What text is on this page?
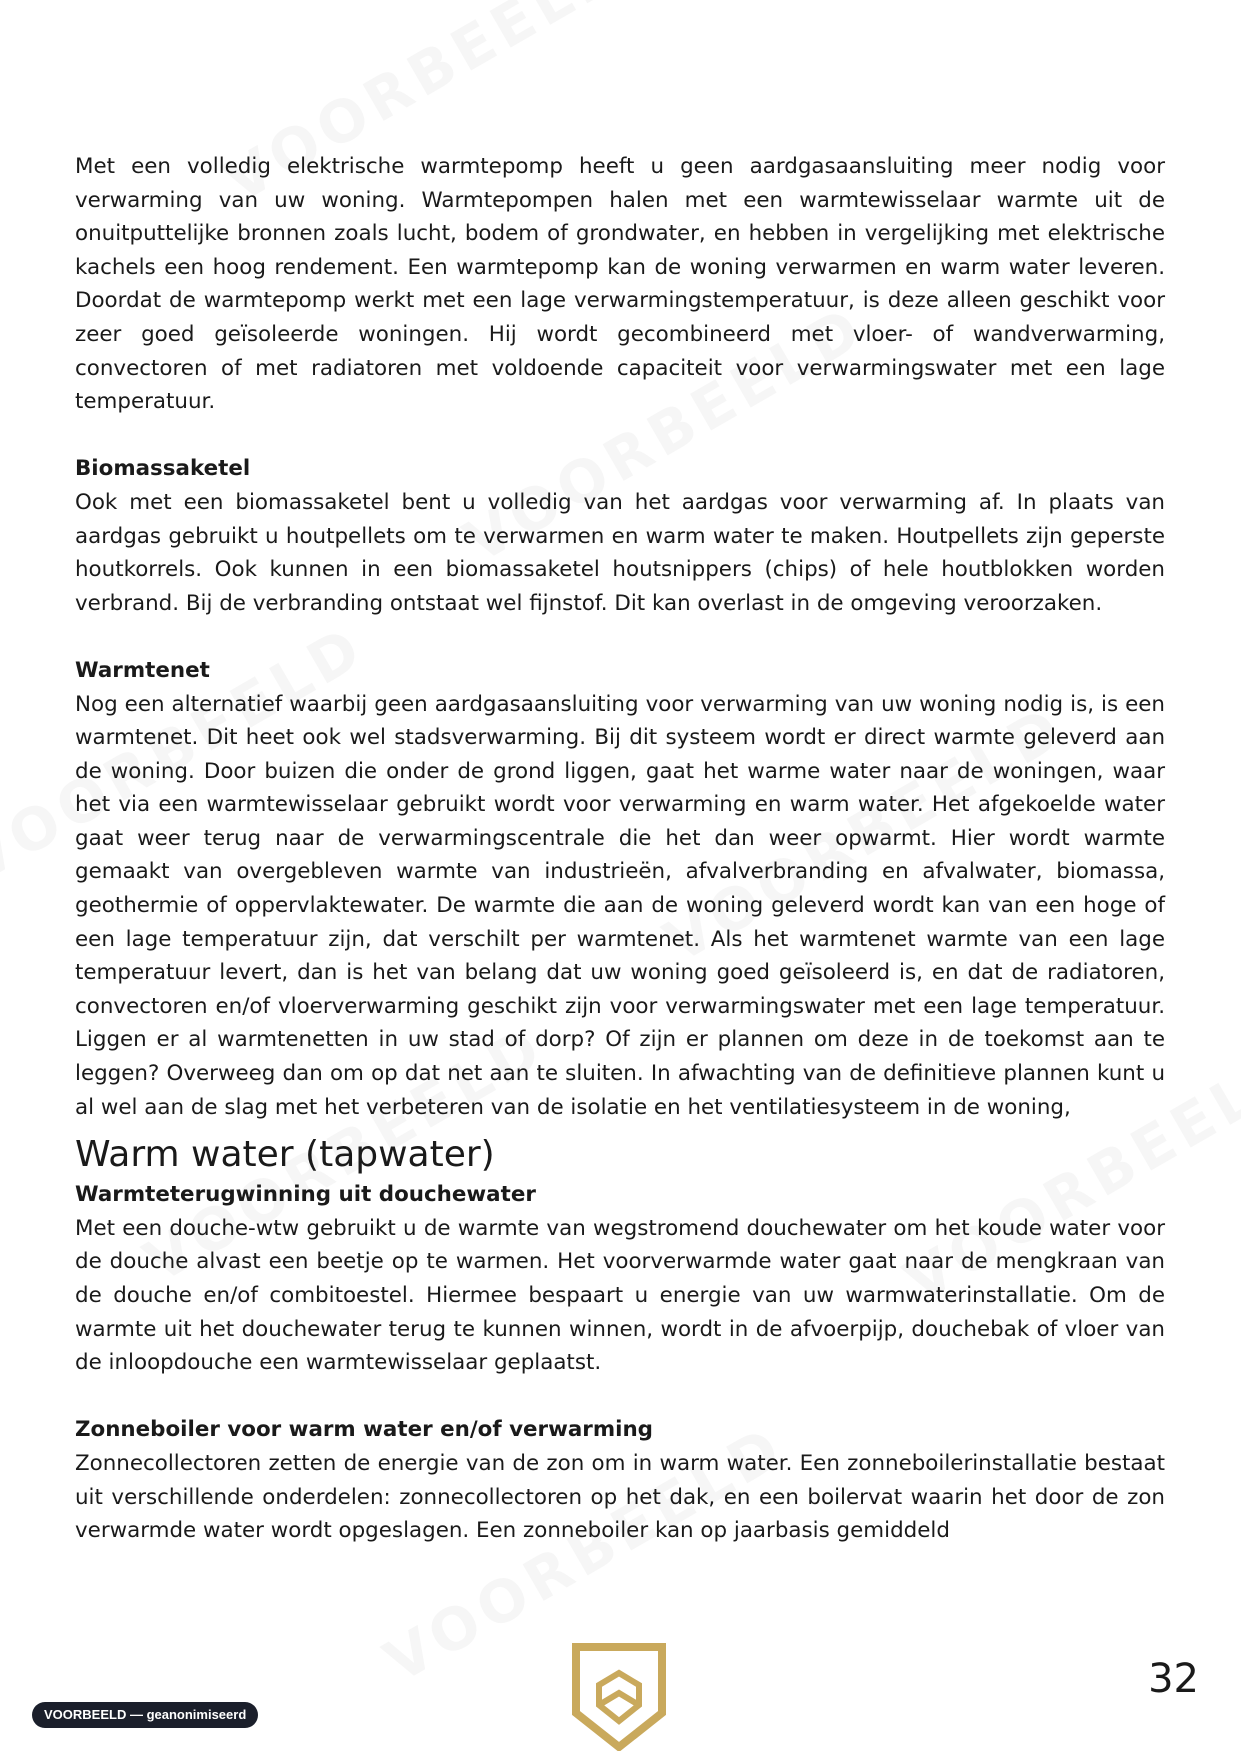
Met een volledig elektrische warmtepomp heeft u geen aardgasaansluiting meer nodig voor verwarming van uw woning. Warmtepompen halen met een warmtewisselaar warmte uit de onuitputtelijke bronnen zoals lucht, bodem of grondwater, en hebben in vergelijking met elektrische kachels een hoog rendement. Een warmtepomp kan de woning verwarmen en warm water leveren. Doordat de warmtepomp werkt met een lage verwarmingstemperatuur, is deze alleen geschikt voor zeer goed geïsoleerde woningen. Hij wordt gecombineerd met vloer- of wandverwarming, convectoren of met radiatoren met voldoende capaciteit voor verwarmingswater met een lage temperatuur.

Biomassaketel

Ook met een biomassaketel bent u volledig van het aardgas voor verwarming af. In plaats van aardgas gebruikt u houtpellets om te verwarmen en warm water te maken. Houtpellets zijn geperste houtkorrels. Ook kunnen in een biomassaketel houtsnippers (chips) of hele houtblokken worden verbrand. Bij de verbranding ontstaat wel fijnstof. Dit kan overlast in de omgeving veroorzaken.

Warmtenet

Nog een alternatief waarbij geen aardgasaansluiting voor verwarming van uw woning nodig is, is een warmtenet. Dit heet ook wel stadsverwarming. Bij dit systeem wordt er direct warmte geleverd aan de woning. Door buizen die onder de grond liggen, gaat het warme water naar de woningen, waar het via een warmtewisselaar gebruikt wordt voor verwarming en warm water. Het afgekoelde water gaat weer terug naar de verwarmingscentrale die het dan weer opwarmt. Hier wordt warmte gemaakt van overgebleven warmte van industrieën, afvalverbranding en afvalwater, biomassa, geothermie of oppervlaktewater. De warmte die aan de woning geleverd wordt kan van een hoge of een lage temperatuur zijn, dat verschilt per warmtenet. Als het warmtenet warmte van een lage temperatuur levert, dan is het van belang dat uw woning goed geïsoleerd is, en dat de radiatoren, convectoren en/of vloerverwarming geschikt zijn voor verwarmingswater met een lage temperatuur. Liggen er al warmtenetten in uw stad of dorp? Of zijn er plannen om deze in de toekomst aan te leggen? Overweeg dan om op dat net aan te sluiten. In afwachting van de definitieve plannen kunt u al wel aan de slag met het verbeteren van de isolatie en het ventilatiesysteem in de woning,

Warm water (tapwater)
Warmteterugwinning uit douchewater

Met een douche-wtw gebruikt u de warmte van wegstromend douchewater om het koude water voor de douche alvast een beetje op te warmen. Het voorverwarmde water gaat naar de mengkraan van de douche en/of combitoestel. Hiermee bespaart u energie van uw warmwaterinstallatie. Om de warmte uit het douchewater terug te kunnen winnen, wordt in de afvoerpijp, douchebak of vloer van de inloopdouche een warmtewisselaar geplaatst.

Zonneboiler voor warm water en/of verwarming

Zonnecollectoren zetten de energie van de zon om in warm water. Een zonneboilerinstallatie bestaat uit verschillende onderdelen: zonnecollectoren op het dak, en een boilervat waarin het door de zon verwarmde water wordt opgeslagen. Een zonneboiler kan op jaarbasis gemiddeld

VOORBEELD — geanonimiseerd
32
